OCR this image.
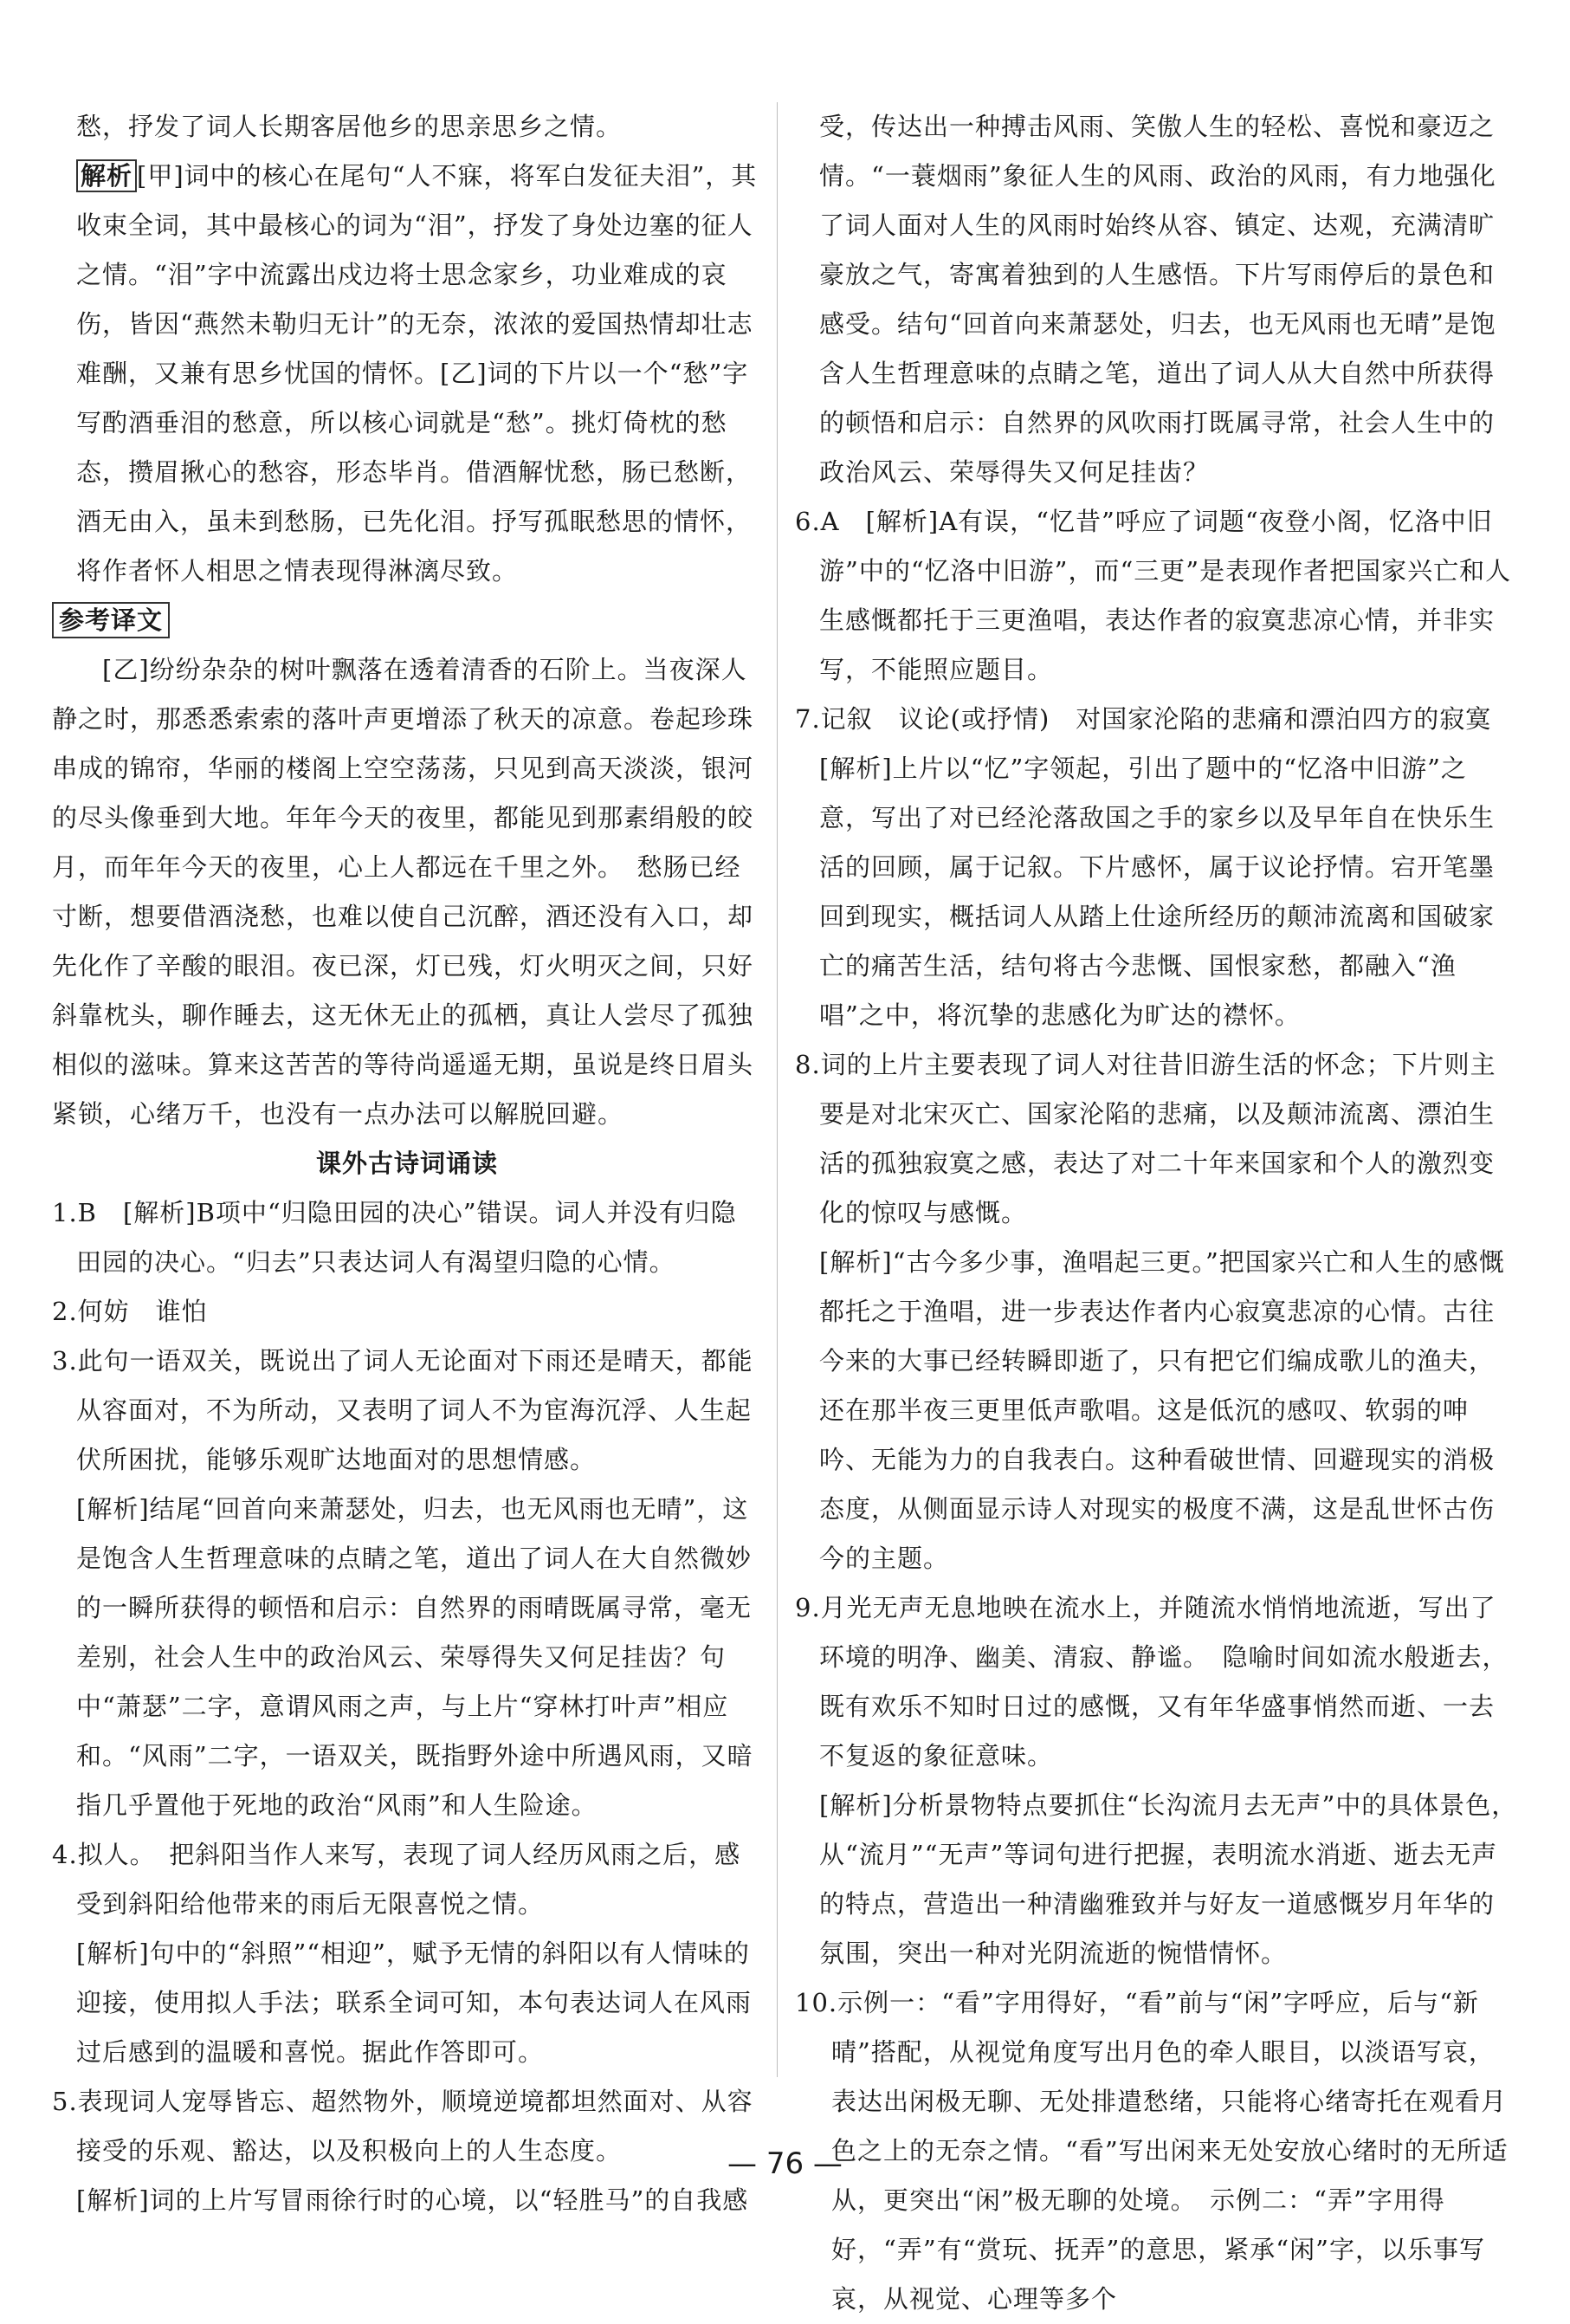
愁，抒发了词人长期客居他乡的思亲思乡之情。

解析 [甲]词中的核心在尾句“人不寐，将军白发征夫泪”，其收束全词，其中最核心的词为“泪”，抒发了身处边塞的征人之情。“泪”字中流露出戍边将士思念家乡，功业难成的哀伤，皆因“燕然未勒归无计”的无奈，浓浓的爱国热情却壮志难酬，又兼有思乡忧国的情怀。[乙]词的下片以一个“愁”字写酌酒垂泪的愁意，所以核心词就是“愁”。挑灯倚枕的愁态，攒眉揪心的愁容，形态毕肖。借酒解忧愁，肠已愁断，酒无由入，虽未到愁肠，已先化泪。抒写孤眠愁思的情怀，将作者怀人相思之情表现得淋漓尽致。

参考译文

[乙]纷纷杂杂的树叶飘落在透着清香的石阶上。当夜深人静之时，那悉悉索索的落叶声更增添了秋天的凉意。卷起珍珠串成的锦帘，华丽的楼阁上空空荡荡，只见到高天淡淡，银河的尽头像垂到大地。年年今天的夜里，都能见到那素绢般的皎月，而年年今天的夜里，心上人都远在千里之外。　愁肠已经寸断，想要借酒浇愁，也难以使自己沉醉，酒还没有入口，却先化作了辛酸的眼泪。夜已深，灯已残，灯火明灭之间，只好斜靠枕头，聊作睡去，这无休无止的孤栖，真让人尝尽了孤独相似的滋味。算来这苦苦的等待尚遥遥无期，虽说是终日眉头紧锁，心绪万千，也没有一点办法可以解脱回避。

课外古诗词诵读

1.B　[解析]B项中“归隐田园的决心”错误。词人并没有归隐田园的决心。“归去”只表达词人有渴望归隐的心情。

2.何妨　谁怕

3.此句一语双关，既说出了词人无论面对下雨还是晴天，都能从容面对，不为所动，又表明了词人不为宦海沉浮、人生起伏所困扰，能够乐观旷达地面对的思想情感。

[解析]结尾“回首向来萧瑟处，归去，也无风雨也无晴”，这是饱含人生哲理意味的点睛之笔，道出了词人在大自然微妙的一瞬所获得的顿悟和启示：自然界的雨晴既属寻常，毫无差别，社会人生中的政治风云、荣辱得失又何足挂齿？句中“萧瑟”二字，意谓风雨之声，与上片“穿林打叶声”相应和。“风雨”二字，一语双关，既指野外途中所遇风雨，又暗指几乎置他于死地的政治“风雨”和人生险途。

4.拟人。　把斜阳当作人来写，表现了词人经历风雨之后，感受到斜阳给他带来的雨后无限喜悦之情。

[解析]句中的“斜照”“相迎”，赋予无情的斜阳以有人情味的迎接，使用拟人手法；联系全词可知，本句表达词人在风雨过后感到的温暖和喜悦。据此作答即可。

5.表现词人宠辱皆忘、超然物外，顺境逆境都坦然面对、从容接受的乐观、豁达，以及积极向上的人生态度。

[解析]词的上片写冒雨徐行时的心境，以“轻胜马”的自我感

受，传达出一种搏击风雨、笑傲人生的轻松、喜悦和豪迈之情。“一蓑烟雨”象征人生的风雨、政治的风雨，有力地强化了词人面对人生的风雨时始终从容、镇定、达观，充满清旷豪放之气，寄寓着独到的人生感悟。下片写雨停后的景色和感受。结句“回首向来萧瑟处，归去，也无风雨也无晴”是饱含人生哲理意味的点睛之笔，道出了词人从大自然中所获得的顿悟和启示：自然界的风吹雨打既属寻常，社会人生中的政治风云、荣辱得失又何足挂齿？

6.A　[解析]A有误，“忆昔”呼应了词题“夜登小阁，忆洛中旧游”中的“忆洛中旧游”，而“三更”是表现作者把国家兴亡和人生感慨都托于三更渔唱，表达作者的寂寞悲凉心情，并非实写，不能照应题目。

7.记叙　议论(或抒情)　对国家沦陷的悲痛和漂泊四方的寂寞

[解析]上片以“忆”字领起，引出了题中的“忆洛中旧游”之意，写出了对已经沦落敌国之手的家乡以及早年自在快乐生活的回顾，属于记叙。下片感怀，属于议论抒情。宕开笔墨回到现实，概括词人从踏上仕途所经历的颠沛流离和国破家亡的痛苦生活，结句将古今悲慨、国恨家愁，都融入“渔唱”之中，将沉挚的悲感化为旷达的襟怀。

8.词的上片主要表现了词人对往昔旧游生活的怀念；下片则主要是对北宋灭亡、国家沦陷的悲痛，以及颠沛流离、漂泊生活的孤独寂寞之感，表达了对二十年来国家和个人的激烈变化的惊叹与感慨。

[解析]“古今多少事，渔唱起三更。”把国家兴亡和人生的感慨都托之于渔唱，进一步表达作者内心寂寞悲凉的心情。古往今来的大事已经转瞬即逝了，只有把它们编成歌儿的渔夫，还在那半夜三更里低声歌唱。这是低沉的感叹、软弱的呻吟、无能为力的自我表白。这种看破世情、回避现实的消极态度，从侧面显示诗人对现实的极度不满，这是乱世怀古伤今的主题。

9.月光无声无息地映在流水上，并随流水悄悄地流逝，写出了环境的明净、幽美、清寂、静谧。　隐喻时间如流水般逝去，既有欢乐不知时日过的感慨，又有年华盛事悄然而逝、一去不复返的象征意味。

[解析]分析景物特点要抓住“长沟流月去无声”中的具体景色，从“流月”“无声”等词句进行把握，表明流水消逝、逝去无声的特点，营造出一种清幽雅致并与好友一道感慨岁月年华的氛围，突出一种对光阴流逝的惋惜情怀。

10.示例一：“看”字用得好，“看”前与“闲”字呼应，后与“新晴”搭配，从视觉角度写出月色的牵人眼目，以淡语写哀，表达出闲极无聊、无处排遣愁绪，只能将心绪寄托在观看月色之上的无奈之情。“看”写出闲来无处安放心绪时的无所适从，更突出“闲”极无聊的处境。　示例二：“弄”字用得好，“弄”有“赏玩、抚弄”的意思，紧承“闲”字，以乐事写哀，从视觉、心理等多个

— 76 —
